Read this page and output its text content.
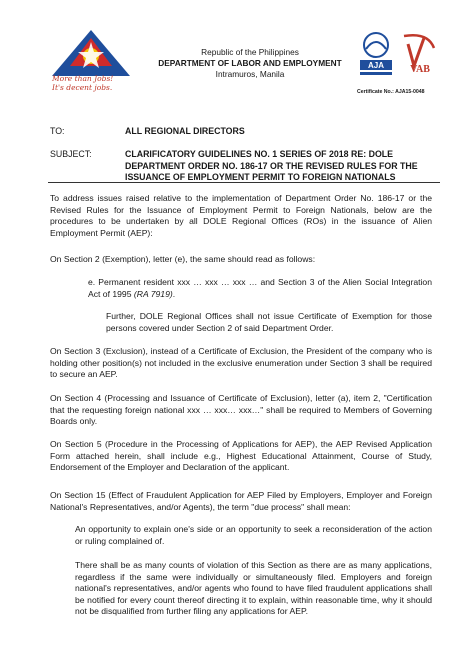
More than Jobs!
It's decent jobs.
Republic of the Philippines
DEPARTMENT OF LABOR AND EMPLOYMENT
Intramuros, Manila
AJA	VAB
Certificate No.: AJA15-0048
TO:	ALL REGIONAL DIRECTORS
SUBJECT:	CLARIFICATORY GUIDELINES NO. 1 SERIES OF 2018 RE: DOLE DEPARTMENT ORDER NO. 186-17 OR THE REVISED RULES FOR THE ISSUANCE OF EMPLOYMENT PERMIT TO FOREIGN NATIONALS
To address issues raised relative to the implementation of Department Order No. 186-17 or the Revised Rules for the Issuance of Employment Permit to Foreign Nationals, below are the procedures to be undertaken by all DOLE Regional Offices (ROs) in the issuance of Alien Employment Permit (AEP):
On Section 2 (Exemption), letter (e), the same should read as follows:
e. Permanent resident xxx … xxx … xxx … and Section 3 of the Alien Social Integration Act of 1995 (RA 7919).
Further, DOLE Regional Offices shall not issue Certificate of Exemption for those persons covered under Section 2 of said Department Order.
On Section 3 (Exclusion), instead of a Certificate of Exclusion, the President of the company who is holding other position(s) not included in the exclusive enumeration under Section 3 shall be required to secure an AEP.
On Section 4 (Processing and Issuance of Certificate of Exclusion), letter (a), item 2, "Certification that the requesting foreign national xxx … xxx… xxx…" shall be required to Members of Governing Boards only.
On Section 5 (Procedure in the Processing of Applications for AEP), the AEP Revised Application Form attached herein, shall include e.g., Highest Educational Attainment, Course of Study, Endorsement of the Employer and Declaration of the applicant.
On Section 15 (Effect of Fraudulent Application for AEP Filed by Employers, Employer and Foreign National's Representatives, and/or Agents), the term "due process" shall mean:
An opportunity to explain one's side or an opportunity to seek a reconsideration of the action or ruling complained of.
There shall be as many counts of violation of this Section as there are as many applications, regardless if the same were individually or simultaneously filed. Employers and foreign national's representatives, and/or agents who found to have filed fraudulent applications shall be notified for every count thereof directing it to explain, within reasonable time, why it should not be disqualified from further filing any applications for AEP.
